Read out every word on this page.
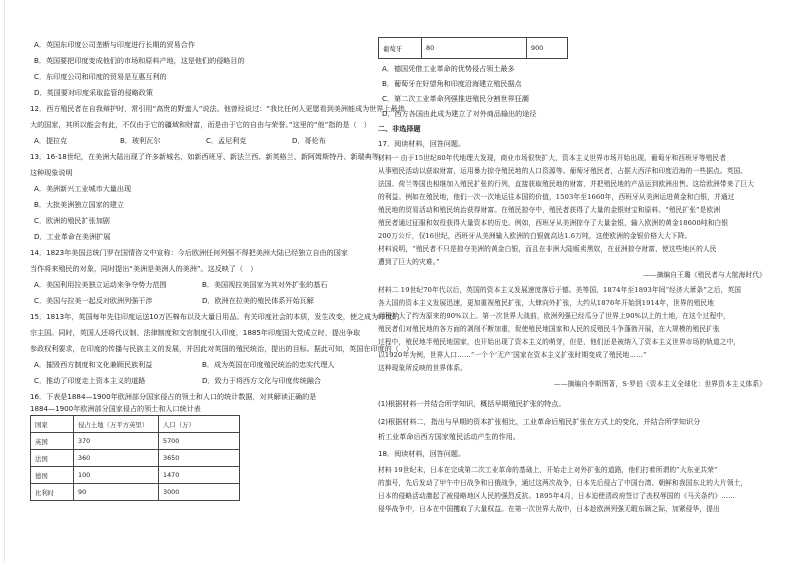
A．英国东印度公司垄断与印度进行长期的贸易合作
B．英国要把印度变成他们的市场和原料产地，这是他们的侵略目的
C．东印度公司和印度的贸易是互惠互利的
D．英国要对印度采取监管的侵略政策
12．西方殖民者在自我辩护时，常引用“高贵的野蛮人”说法。他曾经说过：“我比任何人更愿看到美洲能成为世界上最伟
大的国家，其所以能会有此，不仅由于它的疆域和财富，而是由于它的自由与荣誉。”这里的“他”指的是（　）
A．提拉克	B．玻利瓦尔	C．孟尼利克	D．哥伦布
13．16-18世纪，在美洲大陆出现了许多新城名，如新西班牙、新法兰西、新英格兰、新阿姆斯特丹、新瑞典等，
这种现象说明
A．美洲新兴工业城市大量出现
B．大批美洲独立国家的建立
C．欧洲的殖民扩张加剧
D．工业革命在美洲扩展
14．1823年美国总统门罗在国情咨文中宣称：今后欧洲任何列强不得把美洲大陆已经独立自由的国家
当作将来殖民的对象，同时提出“美洲是美洲人的美洲”。这反映了（　）
A．美国利用拉美独立运动来争夺势力范围	B．美国视拉美国家为其对外扩张的基石
C．美国与拉美一起反对欧洲列强干涉	D．欧洲在拉美的殖民体系开始瓦解
15．1813年，英国每年先往印度运送10万匹棉布以及大量日用品。有关印度社会的本质，发生改变，使之成为印度的
宗主国。同时，英国人还将代议制、法律制度和文官制度引入印度，1885年印度国大党成立时，提出争取
参政权利要求，在印度的传播与民族主义的发展，并因此对英国的殖民统治，提出的目标。据此可知，英国在印度的（　）
A．摧毁西方制度和文化兼顾民族利益	B．成为英国在印度殖民统治的忠实代理人
C．推动了印度走上资本主义的道路	D．致力于将西方文化与印度传统融合
16．下表是1884—1900年欧洲部分国家侵占的领土和人口的统计数据，对其解读正确的是
1884—1900年欧洲部分国家侵占的领土和人口统计表
国家	侵占土地（万平方英里）	人口（万）
英国	370	5700
法国	360	3650
德国	100	1470
比利时	90	3000
葡萄牙	80	900
A．德国凭借工业革命的优势侵占领土最多
B．葡萄牙在好望角和印度沿海建立殖民据点
C．第二次工业革命列强推进殖民分割世界狂潮
D．西方各国由此成为建立了对外商品输出的途径
二、非选择题
17．阅读材料，回答问题。
材料一 由于15世纪80年代地理大发现，商业市场很快扩大，资本主义世界市场开始出现，葡萄牙和西班牙等殖民者
从事殖民活动以获取财富，运用暴力掠夺殖民地的人口资源等。葡萄牙殖民者，占据大西洋和印度沿海的一些据点。英国、
法国、荷兰等国也相继加入殖民扩张的行列，直接获取殖民地的财富，并把殖民地的产品运到欧洲出售。这给欧洲带来了巨大
的利益。例如在殖民地，他们一次一次地运往本国的价值，1503年至1660年，西班牙从美洲运进黄金和白银，并通过
殖民地的贸易活动和殖民统治获得财富。在殖民掠夺中，殖民者获得了大量的金银财宝和原料。“殖民扩张”是欧洲
殖民者通过征服和奴役获得大量资本的历史。例如，西班牙从美洲掠夺了大量金银，输入欧洲的黄金18600吨和白银
200万公斤，仅16世纪，西班牙从美洲输入欧洲的白银就高达1.6万吨，这使欧洲的金银价格大大下降。
材料说明，“殖民者不只是掠夺美洲的黄金白银，而且在非洲大陆贩卖黑奴，在亚洲掠夺财富，使这些地区的人民
遭到了巨大的灾难。”
——摘编自王璐《殖民者与大航海时代》
材料二 19世纪70年代以后，英国的资本主义发展速度落后于德、美等国，1874年至1893年间“经济大萧条”之后，英国
各大国的资本主义发展迅速，更加重视殖民扩张，大肆向外扩张，大约从1876年开始到1914年，世界的殖民地
面积扩大了约为原来的90%以上。第一次世界大战前，欧洲列强已经瓜分了世界上90%以上的土地，在这个过程中，
殖民者们对殖民地的各方面的剥削不断加重，促使殖民地国家和人民的反殖民斗争蓬勃开展，在大规模的殖民扩张
过程中，殖民地半殖民地国家，也开始出现了资本主义的萌芽，但是，他们还是被纳入了资本主义世界市场的轨道之中，
以1920年为例，世界人口……“一个个‘无产’国家在资本主义扩张时期变成了殖民地……”
这种现象所反映的世界体系。
——摘编自李斯图著，S·罗伯《资本主义全球化：世界资本主义体系》
(1)根据材料一并结合所学知识，概括早期殖民扩张的特点。
(2)根据材料二，指出与早期的资本扩张相比，工业革命后殖民扩张在方式上的变化，并结合所学知识分
析工业革命后西方国家殖民活动产生的作用。
18．阅读材料，回答问题。
材料 19世纪末，日本在完成第二次工业革命的基础上，开始走上对外扩张的道路，他们打着所谓的“大东亚共荣”
的旗号，先后发动了甲午中日战争和日俄战争，通过这两次战争，日本先后侵占了中国台湾、朝鲜和我国东北的大片领土，
日本的侵略活动激起了被侵略地区人民的强烈反抗。1895年4月，日本迫使清政府签订了丧权辱国的《马关条约》……
侵华战争中，日本在中国攫取了大量权益。在第一次世界大战中，日本趁欧洲列强无暇东顾之际，加紧侵华，提出
